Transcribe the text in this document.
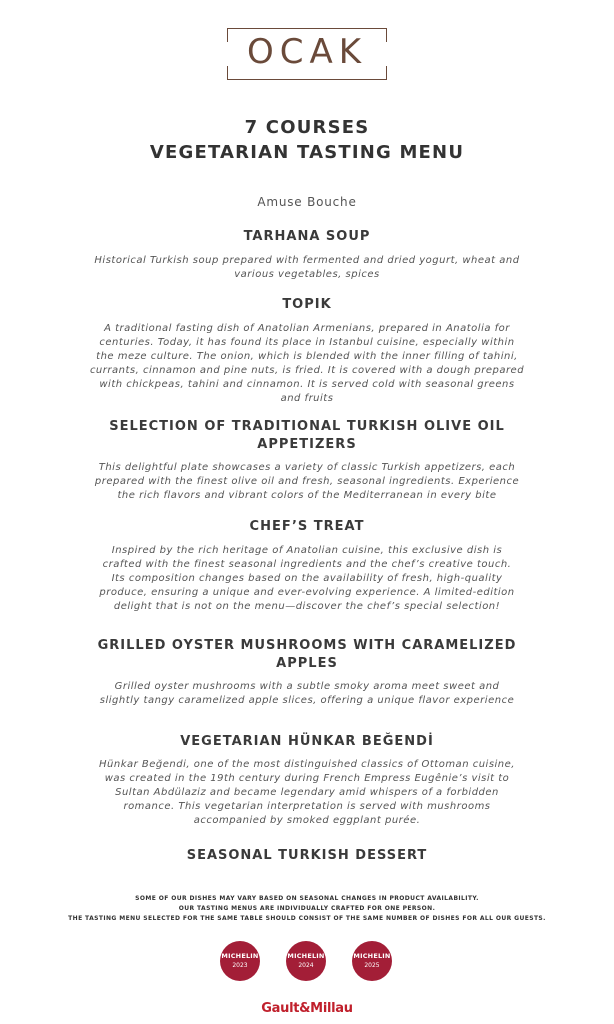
OCAK
7 COURSES
VEGETARIAN TASTING MENU
Amuse Bouche
TARHANA SOUP
Historical Turkish soup prepared with fermented and dried yogurt, wheat and
various vegetables, spices
TOPIK
A traditional fasting dish of Anatolian Armenians, prepared in Anatolia for
centuries. Today, it has found its place in Istanbul cuisine, especially within
the meze culture. The onion, which is blended with the inner filling of tahini,
currants, cinnamon and pine nuts, is fried. It is covered with a dough prepared
with chickpeas, tahini and cinnamon. It is served cold with seasonal greens
and fruits
SELECTION OF TRADITIONAL TURKISH OLIVE OIL
APPETIZERS
This delightful plate showcases a variety of classic Turkish appetizers, each
prepared with the finest olive oil and fresh, seasonal ingredients. Experience
the rich flavors and vibrant colors of the Mediterranean in every bite
CHEF’S TREAT
Inspired by the rich heritage of Anatolian cuisine, this exclusive dish is
crafted with the finest seasonal ingredients and the chef’s creative touch.
Its composition changes based on the availability of fresh, high-quality
produce, ensuring a unique and ever-evolving experience. A limited-edition
delight that is not on the menu—discover the chef’s special selection!
GRILLED OYSTER MUSHROOMS WITH CARAMELIZED
APPLES
Grilled oyster mushrooms with a subtle smoky aroma meet sweet and
slightly tangy caramelized apple slices, offering a unique flavor experience
VEGETARIAN HÜNKAR BEĞENDİ
Hünkar Beğendi, one of the most distinguished classics of Ottoman cuisine,
was created in the 19th century during French Empress Eugênie’s visit to
Sultan Abdülaziz and became legendary amid whispers of a forbidden
romance. This vegetarian interpretation is served with mushrooms
accompanied by smoked eggplant purée.
SEASONAL TURKISH DESSERT
SOME OF OUR DISHES MAY VARY BASED ON SEASONAL CHANGES IN PRODUCT AVAILABILITY.
OUR TASTING MENUS ARE INDIVIDUALLY CRAFTED FOR ONE PERSON.
THE TASTING MENU SELECTED FOR THE SAME TABLE SHOULD CONSIST OF THE SAME NUMBER OF DISHES FOR ALL OUR GUESTS.
MICHELIN
2023
MICHELIN
2024
MICHELIN
2025
Gault&Millau
